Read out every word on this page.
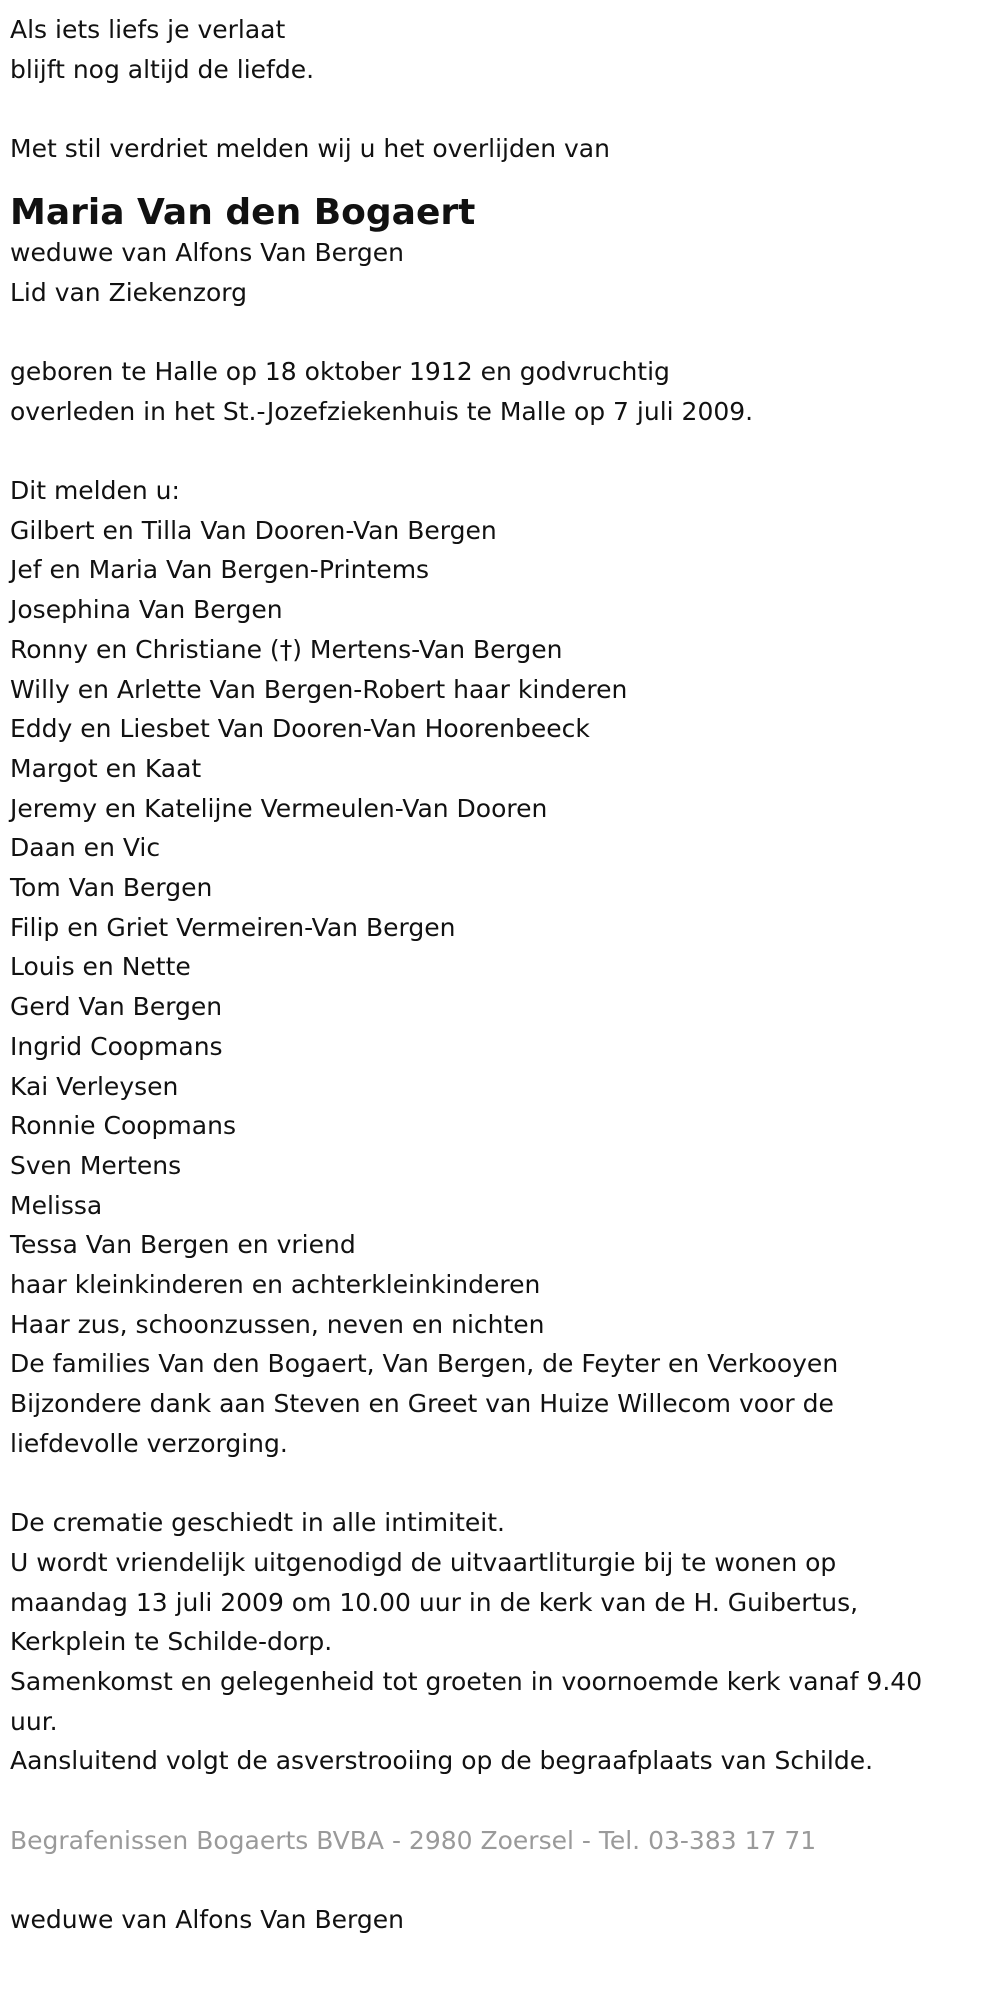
Als iets liefs je verlaat

blijft nog altijd de liefde.

Met stil verdriet melden wij u het overlijden van

Maria Van den Bogaert

weduwe van Alfons Van Bergen

Lid van Ziekenzorg

geboren te Halle op 18 oktober 1912 en godvruchtig

overleden in het St.-Jozefziekenhuis te Malle op 7 juli 2009.

Dit melden u:

Gilbert en Tilla Van Dooren-Van Bergen

Jef en Maria Van Bergen-Printems

Josephina Van Bergen

Ronny en Christiane (†) Mertens-Van Bergen

Willy en Arlette Van Bergen-Robert haar kinderen

Eddy en Liesbet Van Dooren-Van Hoorenbeeck

Margot en Kaat

Jeremy en Katelijne Vermeulen-Van Dooren

Daan en Vic

Tom Van Bergen

Filip en Griet Vermeiren-Van Bergen

Louis en Nette

Gerd Van Bergen

Ingrid Coopmans

Kai Verleysen

Ronnie Coopmans

Sven Mertens

Melissa

Tessa Van Bergen en vriend

haar kleinkinderen en achterkleinkinderen

Haar zus, schoonzussen, neven en nichten

De families Van den Bogaert, Van Bergen, de Feyter en Verkooyen

Bijzondere dank aan Steven en Greet van Huize Willecom voor de

liefdevolle verzorging.

De crematie geschiedt in alle intimiteit.

U wordt vriendelijk uitgenodigd de uitvaartliturgie bij te wonen op

maandag 13 juli 2009 om 10.00 uur in de kerk van de H. Guibertus,

Kerkplein te Schilde-dorp.

Samenkomst en gelegenheid tot groeten in voornoemde kerk vanaf 9.40

uur.

Aansluitend volgt de asverstrooiing op de begraafplaats van Schilde.

Begrafenissen Bogaerts BVBA - 2980 Zoersel - Tel. 03-383 17 71

weduwe van Alfons Van Bergen
